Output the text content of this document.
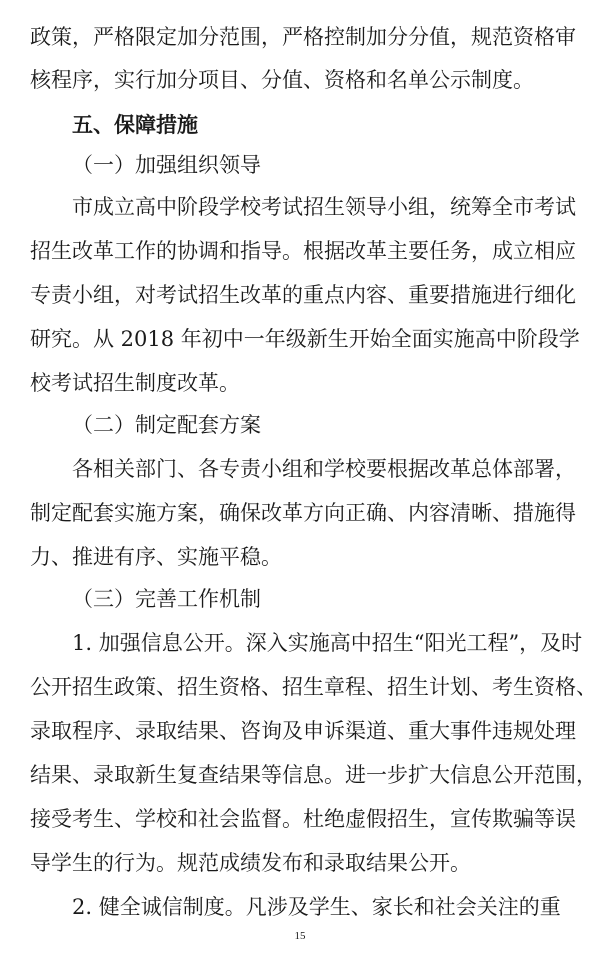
政策，严格限定加分范围，严格控制加分分值，规范资格审
核程序，实行加分项目、分值、资格和名单公示制度。
五、保障措施
（一）加强组织领导
市成立高中阶段学校考试招生领导小组，统筹全市考试
招生改革工作的协调和指导。根据改革主要任务，成立相应
专责小组，对考试招生改革的重点内容、重要措施进行细化
研究。从 2018 年初中一年级新生开始全面实施高中阶段学
校考试招生制度改革。
（二）制定配套方案
各相关部门、各专责小组和学校要根据改革总体部署，
制定配套实施方案，确保改革方向正确、内容清晰、措施得
力、推进有序、实施平稳。
（三）完善工作机制
1. 加强信息公开。深入实施高中招生“阳光工程”，及时
公开招生政策、招生资格、招生章程、招生计划、考生资格、
录取程序、录取结果、咨询及申诉渠道、重大事件违规处理
结果、录取新生复查结果等信息。进一步扩大信息公开范围，
接受考生、学校和社会监督。杜绝虚假招生，宣传欺骗等误
导学生的行为。规范成绩发布和录取结果公开。
2. 健全诚信制度。凡涉及学生、家长和社会关注的重
15
